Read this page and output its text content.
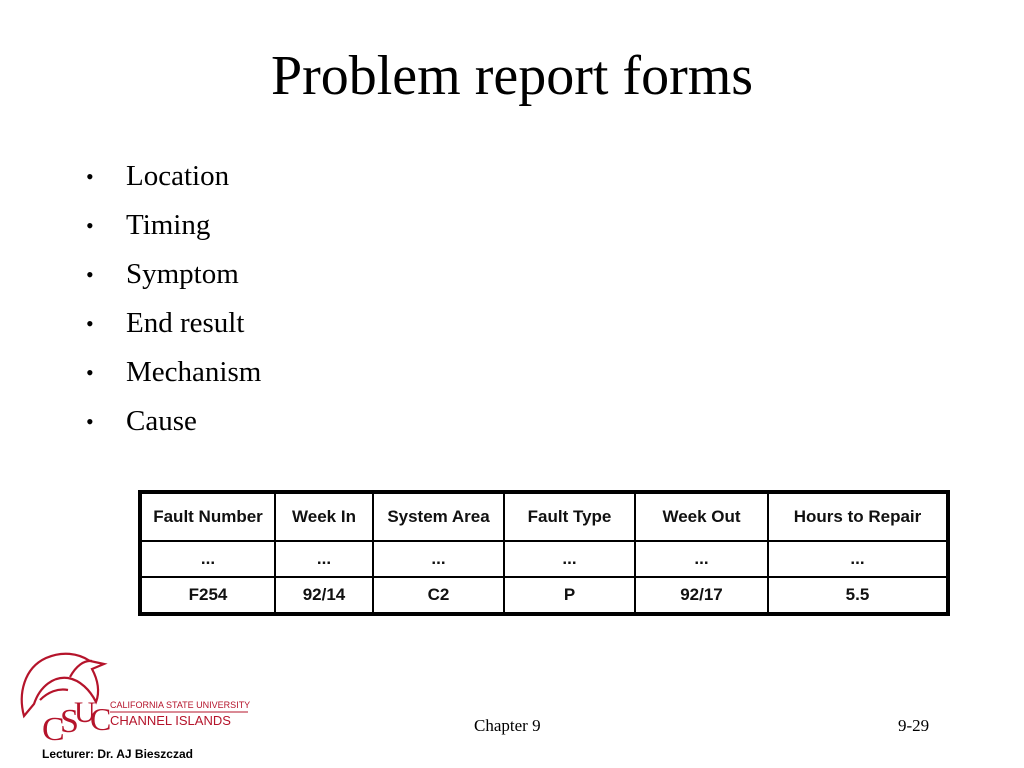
Problem report forms
•	Location
•	Timing
•	Symptom
•	End result
•	Mechanism
•	Cause
Fault Number	Week In	System Area	Fault Type	Week Out	Hours to Repair
...	...	...	...	...	...
F254	92/14	C2	P	92/17	5.5
C
S
U
C
CALIFORNIA STATE UNIVERSITY
CHANNEL ISLANDS	Chapter 9	9-29
Lecturer: Dr. AJ Bieszczad
